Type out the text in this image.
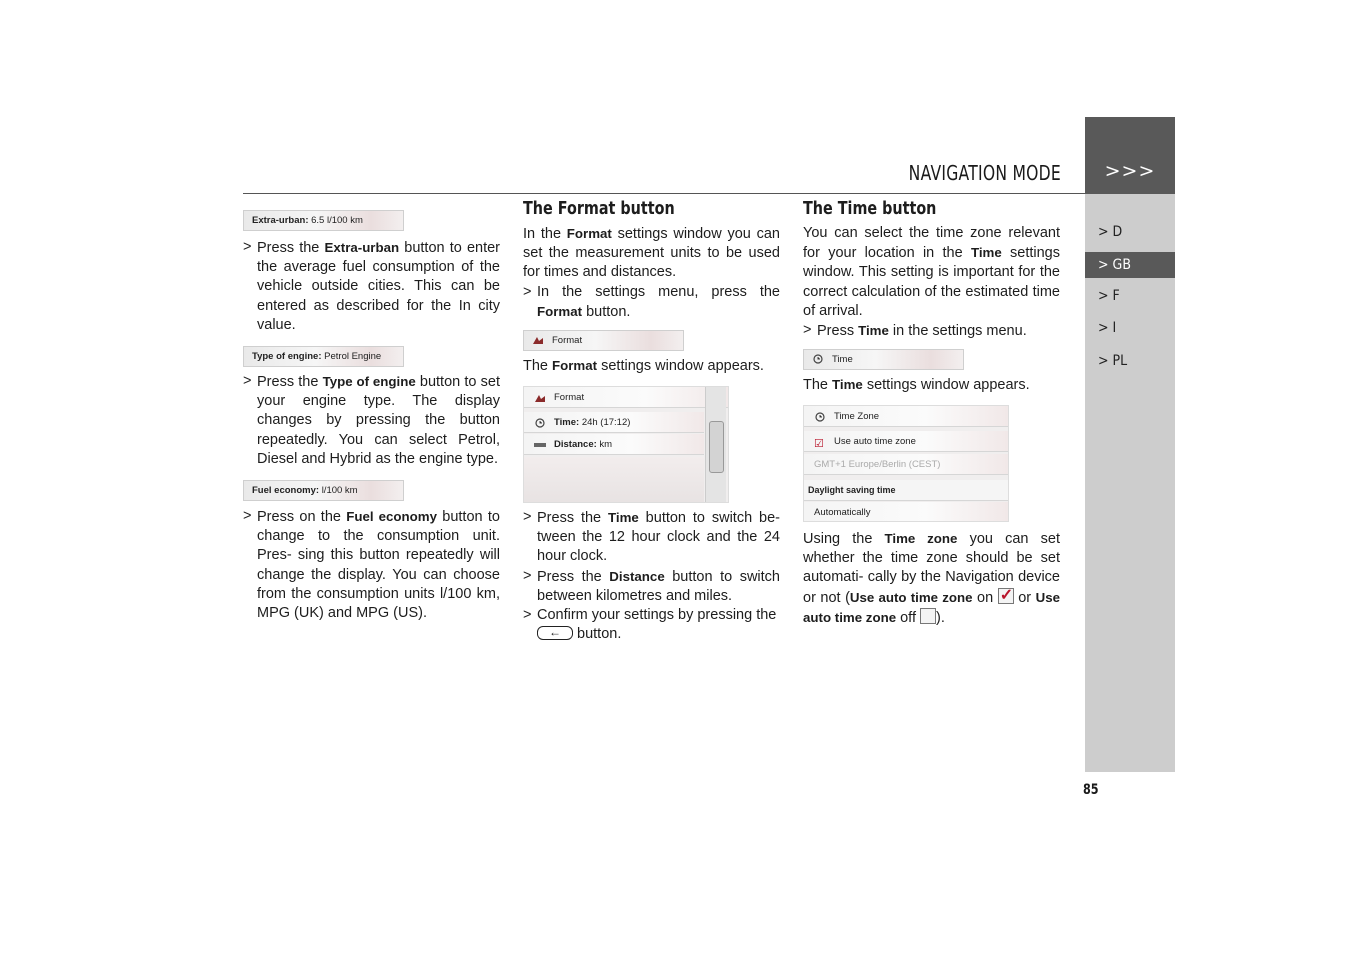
>>>
> D
> GB
> F
> I
> PL
NAVIGATION MODE
85
Extra-urban: 6.5 l/100 km
> Press the Extra-urban button to enter the average fuel consumption of the vehicle outside cities. This can be entered as described for the In city value.
Type of engine: Petrol Engine
> Press the Type of engine button to set your engine type. The display changes by pressing the button repeatedly. You can select Petrol, Diesel and Hybrid as the engine type.
Fuel economy: l/100 km
> Press on the Fuel economy button to change to the consumption unit. Pres- sing this button repeatedly will change the display. You can choose from the consumption units l/100 km, MPG (UK) and MPG (US).
The Format button

In the Format settings window you can set the measurement units to be used for times and distances.

> In the settings menu, press the Format button.
Format

The Format settings window appears.

Format
Time: 24h (17:12)
Distance: km
> Press the Time button to switch be- tween the 12 hour clock and the 24 hour clock.
> Press the Distance button to switch between kilometres and miles.
> Confirm your settings by pressing the
← button.
The Time button

You can select the time zone relevant for your location in the Time settings window. This setting is important for the correct calculation of the estimated time of arrival.

> Press Time in the settings menu.
Time

The Time settings window appears.

Time Zone
☑ Use auto time zone
GMT+1 Europe/Berlin (CEST)
Daylight saving time
Automatically

Using the Time zone you can set whether the time zone should be set automati- cally by the Navigation device or not (Use auto time zone on ✓ or Use auto time zone off ).
